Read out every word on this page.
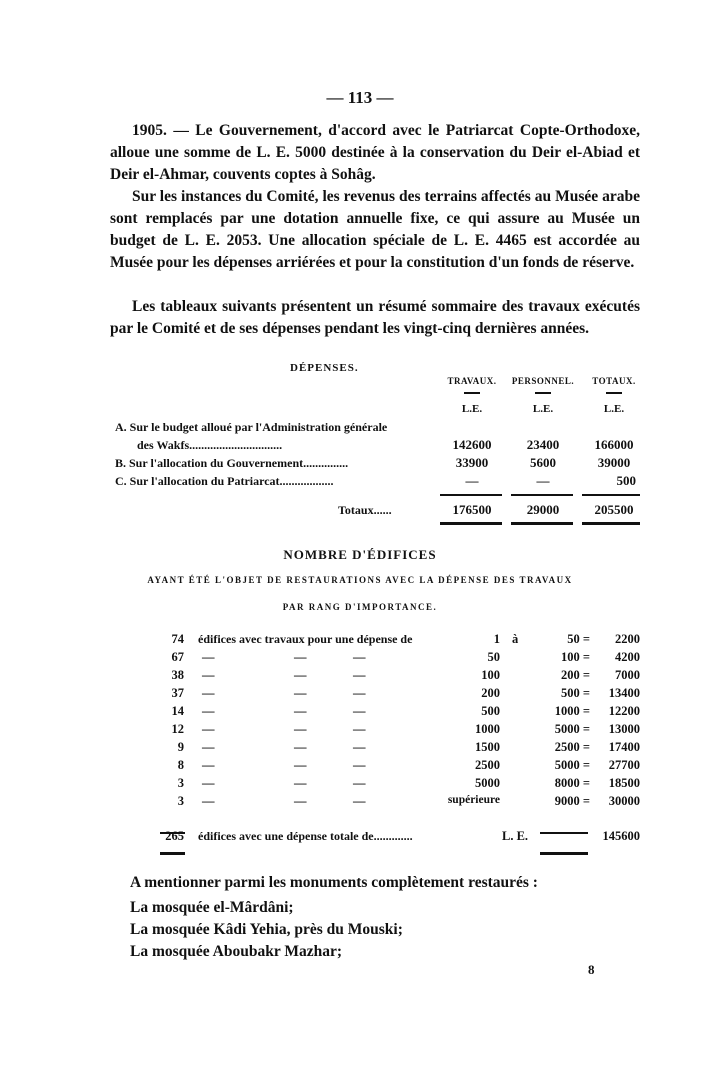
— 113 —

1905. — Le Gouvernement, d'accord avec le Patriarcat Copte-Orthodoxe, alloue une somme de L. E. 5000 destinée à la conservation du Deir el-Abiad et Deir el-Ahmar, couvents coptes à Sohâg.

Sur les instances du Comité, les revenus des terrains affectés au Musée arabe sont remplacés par une dotation annuelle fixe, ce qui assure au Musée un budget de L. E. 2053. Une allocation spéciale de L. E. 4465 est accordée au Musée pour les dépenses arriérées et pour la constitution d'un fonds de réserve.

Les tableaux suivants présentent un résumé sommaire des travaux exécutés par le Comité et de ses dépenses pendant les vingt-cinq dernières années.

DÉPENSES.
TRAVAUX.	PERSONNEL.	TOTAUX.
L.E.	L.E.	L.E.
A. Sur le budget alloué par l'Administration générale
des Wakfs...............................	142600	23400	166000
B. Sur l'allocation du Gouvernement...............	33900	5600	39000
C. Sur l'allocation du Patriarcat..................	—	—	500
Totaux......	176500	29000	205500
NOMBRE D'ÉDIFICES
AYANT ÉTÉ L'OBJET DE RESTAURATIONS AVEC LA DÉPENSE DES TRAVAUX
PAR RANG D'IMPORTANCE.
74 édifices avec travaux pour une dépense de	1 à	50 =	2200
67 —	—	—	50	100 =	4200
38 —	—	—	100	200 =	7000
37 —	—	—	200	500 =	13400
14 —	—	—	500	1000 =	12200
12 —	—	—	1000	5000 =	13000
9 —	—	—	1500	2500 =	17400
8 —	—	—	2500	5000 =	27700
3 —	—	—	5000	8000 =	18500
3 —	—	—	supérieure	9000 =	30000
265 édifices avec une dépense totale de.............	L. E.	145600
A mentionner parmi les monuments complètement restaurés :
La mosquée el-Mârdâni;
La mosquée Kâdi Yehia, près du Mouski;
La mosquée Aboubakr Mazhar;
8
